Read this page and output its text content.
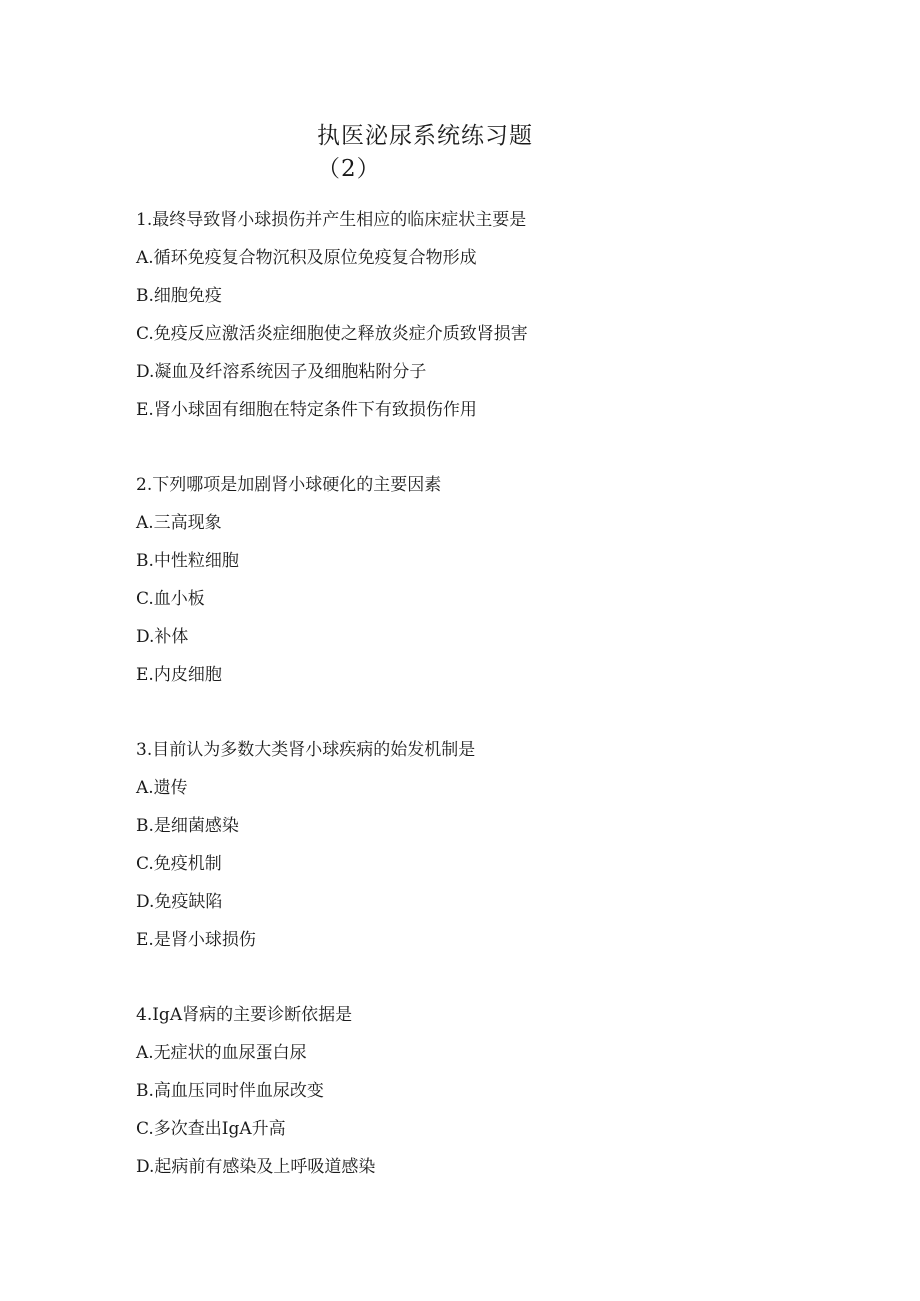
执医泌尿系统练习题（2）

1.最终导致肾小球损伤并产生相应的临床症状主要是

A.循环免疫复合物沉积及原位免疫复合物形成

B.细胞免疫

C.免疫反应激活炎症细胞使之释放炎症介质致肾损害

D.凝血及纤溶系统因子及细胞粘附分子

E.肾小球固有细胞在特定条件下有致损伤作用

2.下列哪项是加剧肾小球硬化的主要因素

A.三高现象

B.中性粒细胞

C.血小板

D.补体

E.内皮细胞

3.目前认为多数大类肾小球疾病的始发机制是

A.遗传

B.是细菌感染

C.免疫机制

D.免疫缺陷

E.是肾小球损伤

4.IgA肾病的主要诊断依据是

A.无症状的血尿蛋白尿

B.高血压同时伴血尿改变

C.多次查出IgA升高

D.起病前有感染及上呼吸道感染
